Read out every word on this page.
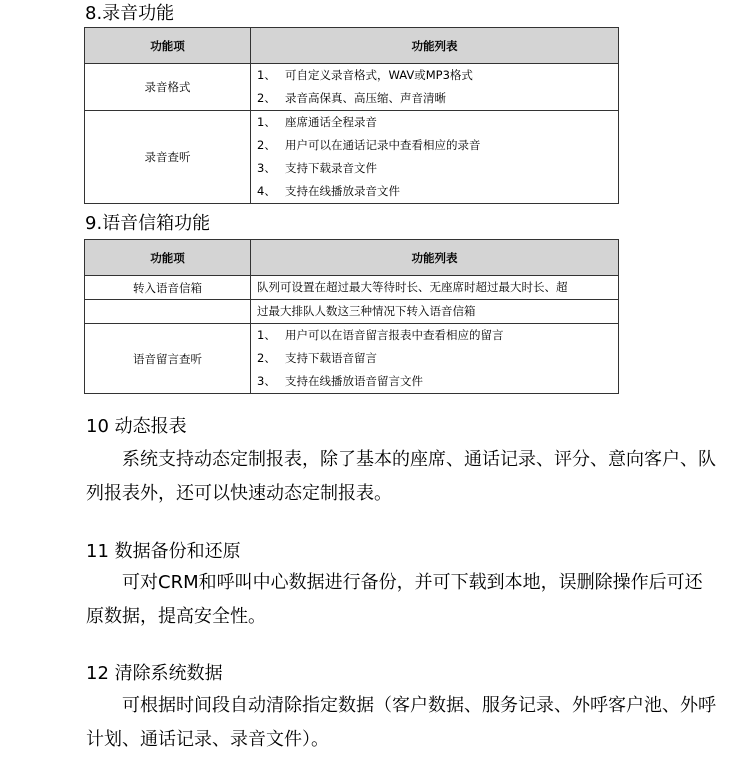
8.录音功能
功能项	功能列表
录音格式	1、 可自定义录音格式，WAV或MP3格式
2、 录音高保真、高压缩、声音清晰

录音查听	1、 座席通话全程录音
2、 用户可以在通话记录中查看相应的录音
3、 支持下载录音文件
4、 支持在线播放录音文件
9.语音信箱功能
功能项	功能列表
转入语音信箱	队列可设置在超过最大等待时长、无座席时超过最大时长、超

	过最大排队人数这三种情况下转入语音信箱

语音留言查听	1、 用户可以在语音留言报表中查看相应的留言
2、 支持下载语音留言
3、 支持在线播放语音留言文件
10 动态报表
系统支持动态定制报表，除了基本的座席、通话记录、评分、意向客户、队列报表外，还可以快速动态定制报表。
11 数据备份和还原
可对CRM和呼叫中心数据进行备份，并可下载到本地，误删除操作后可还原数据，提高安全性。
12 清除系统数据
可根据时间段自动清除指定数据（客户数据、服务记录、外呼客户池、外呼计划、通话记录、录音文件）。
